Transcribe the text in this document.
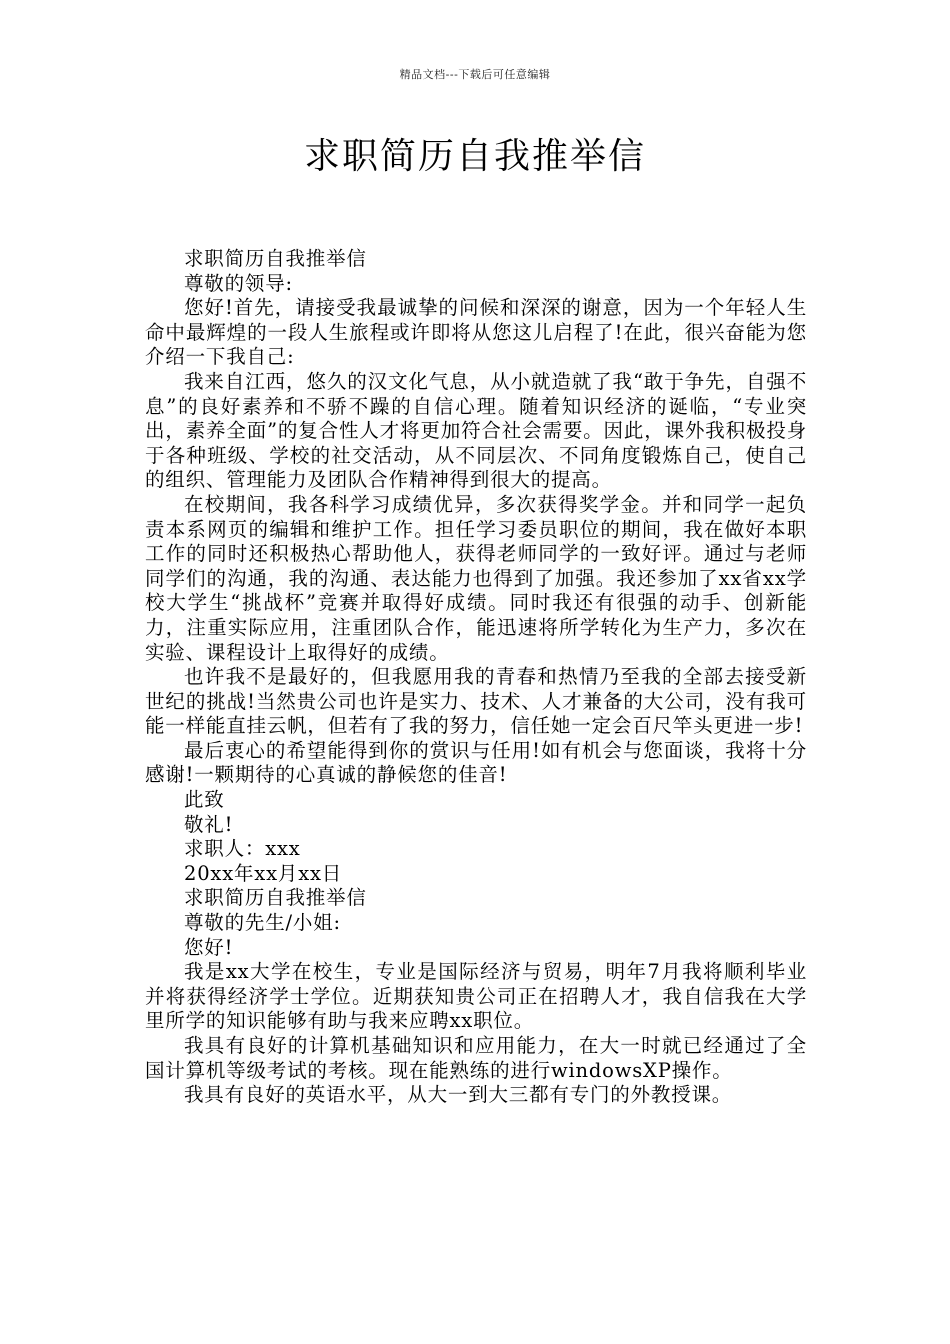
精品文档---下载后可任意编辑
求职简历自我推举信

求职简历自我推举信

尊敬的领导:

您好!首先，请接受我最诚挚的问候和深深的谢意，因为一个年轻人生命中最辉煌的一段人生旅程或许即将从您这儿启程了!在此，很兴奋能为您介绍一下我自己:

我来自江西，悠久的汉文化气息，从小就造就了我“敢于争先，自强不息”的良好素养和不骄不躁的自信心理。随着知识经济的诞临，“专业突出，素养全面”的复合性人才将更加符合社会需要。因此，课外我积极投身于各种班级、学校的社交活动，从不同层次、不同角度锻炼自己，使自己的组织、管理能力及团队合作精神得到很大的提高。

在校期间，我各科学习成绩优异，多次获得奖学金。并和同学一起负责本系网页的编辑和维护工作。担任学习委员职位的期间，我在做好本职工作的同时还积极热心帮助他人，获得老师同学的一致好评。通过与老师同学们的沟通，我的沟通、表达能力也得到了加强。我还参加了xx省xx学校大学生“挑战杯”竞赛并取得好成绩。同时我还有很强的动手、创新能力，注重实际应用，注重团队合作，能迅速将所学转化为生产力，多次在实验、课程设计上取得好的成绩。

也许我不是最好的，但我愿用我的青春和热情乃至我的全部去接受新世纪的挑战!当然贵公司也许是实力、技术、人才兼备的大公司，没有我可能一样能直挂云帆，但若有了我的努力，信任她一定会百尺竿头更进一步!

最后衷心的希望能得到你的赏识与任用!如有机会与您面谈，我将十分感谢!一颗期待的心真诚的静候您的佳音!

此致

敬礼!

求职人：xxx

20xx年xx月xx日

求职简历自我推举信

尊敬的先生/小姐:

您好!

我是xx大学在校生，专业是国际经济与贸易，明年7月我将顺利毕业并将获得经济学士学位。近期获知贵公司正在招聘人才，我自信我在大学里所学的知识能够有助与我来应聘xx职位。

我具有良好的计算机基础知识和应用能力，在大一时就已经通过了全国计算机等级考试的考核。现在能熟练的进行windowsXP操作。

我具有良好的英语水平，从大一到大三都有专门的外教授课。
